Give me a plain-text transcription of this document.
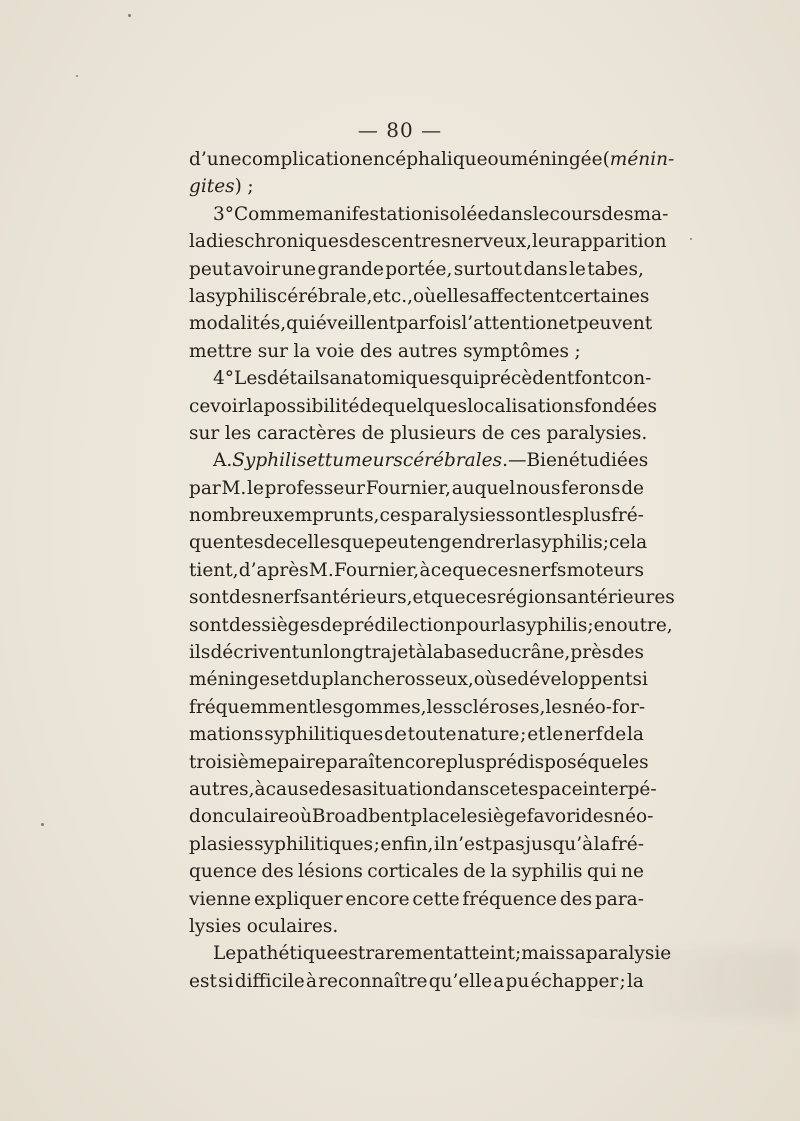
— 80 —
d’une complication encéphalique ou méningée (ménin-
gites) ;
3° Comme manifestation isolée dans le cours des ma-
ladies chroniques des centres nerveux, leur apparition
peut avoir une grande portée, surtout dans le tabes,
la syphilis cérébrale, etc., où elles affectent certaines
modalités, qui éveillent parfois l’attention et peuvent
mettre sur la voie des autres symptômes ;
4° Les détails anatomiques qui précèdent font con-
cevoir la possibilité de quelques localisations fondées
sur les caractères de plusieurs de ces paralysies.
A. Syphilis et tumeurs cérébrales. — Bien étudiées
par M. le professeur Fournier, auquel nous ferons de
nombreux emprunts, ces paralysies sont les plus fré-
quentes de celles que peut engendrer la syphilis ; cela
tient, d’après M. Fournier, à ce que ces nerfs moteurs
sont des nerfs antérieurs, et que ces régions antérieures
sont des sièges de prédilection pour la syphilis ; en outre,
ils décrivent un long trajet à la base du crâne, près des
méninges et du plancher osseux, où se développent si
fréquemment les gommes, les scléroses, les néo-for-
mations syphilitiques de toute nature ; et le nerf de la
troisième paire paraît encore plus prédisposé que les
autres, à cause de sa situation dans cet espace interpé-
donculaire où Broadbent place le siège favori des néo-
plasies syphilitiques ; enfin, il n’est pas jusqu’à la fré-
quence des lésions corticales de la syphilis qui ne
vienne expliquer encore cette fréquence des para-
lysies oculaires.
Le pathétique est rarement atteint ; mais sa paralysie
est si difficile à reconnaître qu’elle a pu échapper ; la
